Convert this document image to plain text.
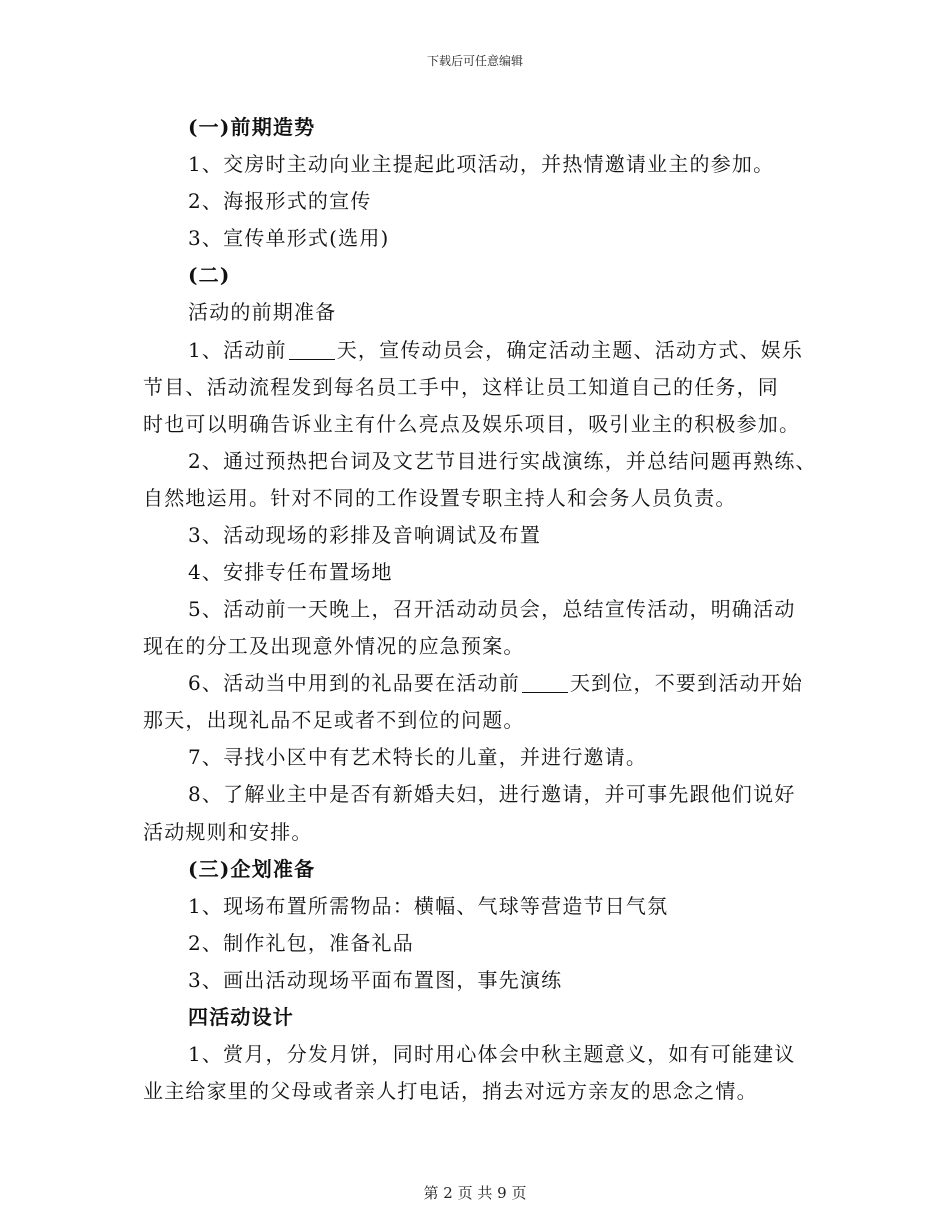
下载后可任意编辑
(一)前期造势
1、交房时主动向业主提起此项活动，并热情邀请业主的参加。
2、海报形式的宣传
3、宣传单形式(选用)
(二)
活动的前期准备
1、活动前	天，宣传动员会，确定活动主题、活动方式、娱乐
节目、活动流程发到每名员工手中，这样让员工知道自己的任务，同
时也可以明确告诉业主有什么亮点及娱乐项目，吸引业主的积极参加。
2、通过预热把台词及文艺节目进行实战演练，并总结问题再熟练、
自然地运用。针对不同的工作设置专职主持人和会务人员负责。
3、活动现场的彩排及音响调试及布置
4、安排专任布置场地
5、活动前一天晚上，召开活动动员会，总结宣传活动，明确活动
现在的分工及出现意外情况的应急预案。
6、活动当中用到的礼品要在活动前	天到位，不要到活动开始
那天，出现礼品不足或者不到位的问题。
7、寻找小区中有艺术特长的儿童，并进行邀请。
8、了解业主中是否有新婚夫妇，进行邀请，并可事先跟他们说好
活动规则和安排。
(三)企划准备
1、现场布置所需物品：横幅、气球等营造节日气氛
2、制作礼包，准备礼品
3、画出活动现场平面布置图，事先演练
四活动设计
1、赏月，分发月饼，同时用心体会中秋主题意义，如有可能建议
业主给家里的父母或者亲人打电话，捎去对远方亲友的思念之情。
第 2 页 共 9 页
